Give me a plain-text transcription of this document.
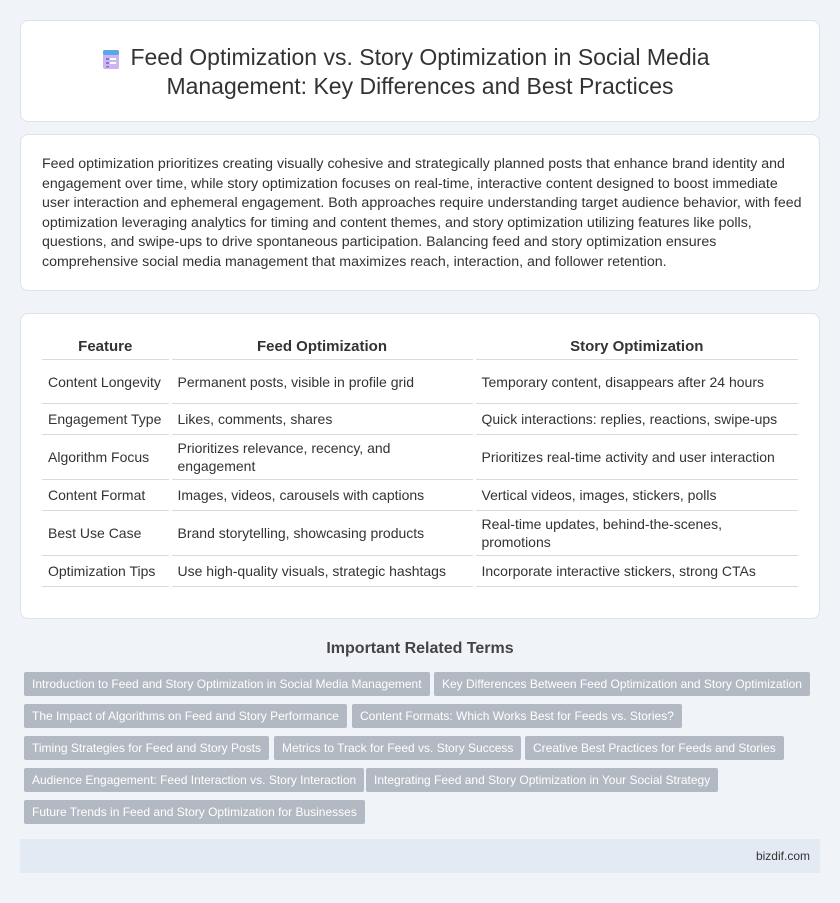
Feed Optimization vs. Story Optimization in Social Media Management: Key Differences and Best Practices

Feed optimization prioritizes creating visually cohesive and strategically planned posts that enhance brand identity and engagement over time, while story optimization focuses on real-time, interactive content designed to boost immediate user interaction and ephemeral engagement. Both approaches require understanding target audience behavior, with feed optimization leveraging analytics for timing and content themes, and story optimization utilizing features like polls, questions, and swipe-ups to drive spontaneous participation. Balancing feed and story optimization ensures comprehensive social media management that maximizes reach, interaction, and follower retention.

Feature	Feed Optimization	Story Optimization
Content Longevity	Permanent posts, visible in profile grid	Temporary content, disappears after 24 hours
Engagement Type	Likes, comments, shares	Quick interactions: replies, reactions, swipe-ups
Algorithm Focus	Prioritizes relevance, recency, and engagement	Prioritizes real-time activity and user interaction
Content Format	Images, videos, carousels with captions	Vertical videos, images, stickers, polls
Best Use Case	Brand storytelling, showcasing products	Real-time updates, behind-the-scenes, promotions
Optimization Tips	Use high-quality visuals, strategic hashtags	Incorporate interactive stickers, strong CTAs
Important Related Terms
Introduction to Feed and Story Optimization in Social Media Management	Key Differences Between Feed Optimization and Story Optimization
The Impact of Algorithms on Feed and Story Performance	Content Formats: Which Works Best for Feeds vs. Stories?
Timing Strategies for Feed and Story Posts	Metrics to Track for Feed vs. Story Success	Creative Best Practices for Feeds and Stories
Audience Engagement: Feed Interaction vs. Story Interaction	Integrating Feed and Story Optimization in Your Social Strategy
Future Trends in Feed and Story Optimization for Businesses
bizdif.com
